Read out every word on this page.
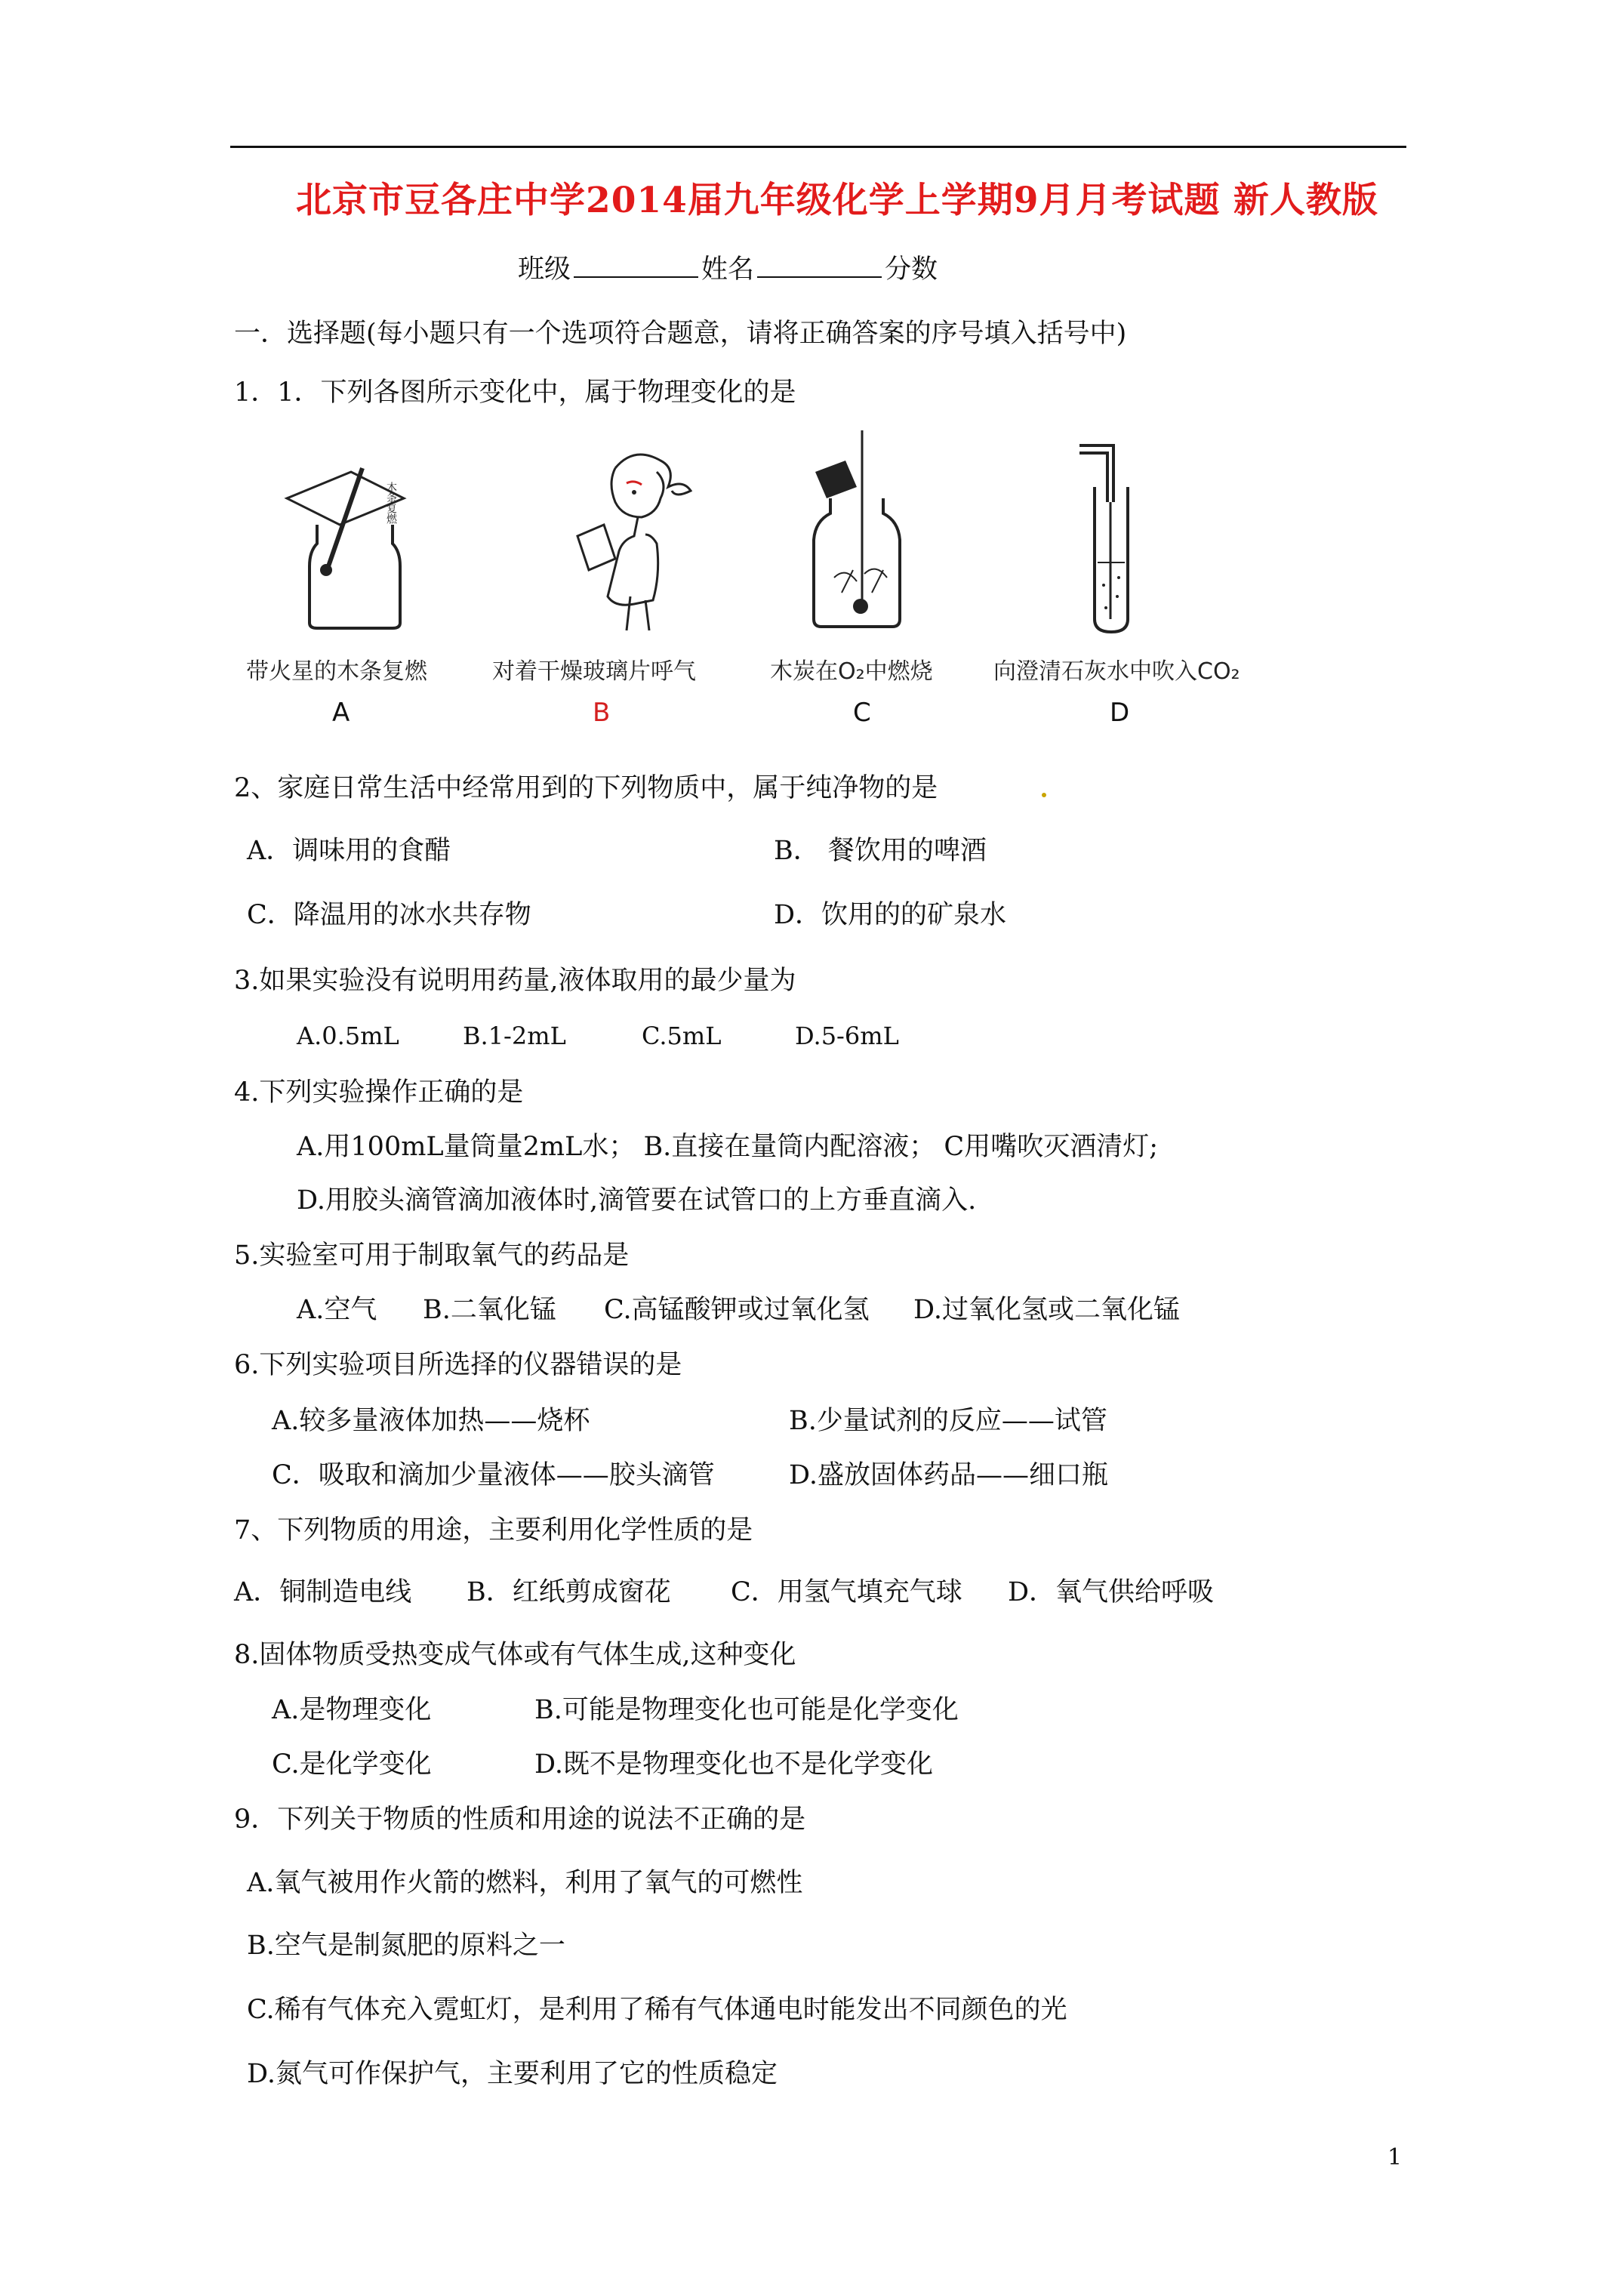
北京市豆各庄中学2014届九年级化学上学期9月月考试题 新人教版
班级	姓名	分数
一．选择题(每小题只有一个选项符合题意，请将正确答案的序号填入括号中)
1．1．下列各图所示变化中，属于物理变化的是
木条复燃
带火星的木条复燃
A
对着干燥玻璃片呼气
B
木炭在O₂中燃烧
C
向澄清石灰水中吹入CO₂
D
2、家庭日常生活中经常用到的下列物质中，属于纯净物的是
A．调味用的食醋	B． 餐饮用的啤酒
C．降温用的冰水共存物	D．饮用的的矿泉水
3.如果实验没有说明用药量,液体取用的最少量为
A.0.5mL	B.1-2mL	C.5mL	D.5-6mL
4.下列实验操作正确的是
A.用100mL量筒量2mL水； B.直接在量筒内配溶液； C用嘴吹灭酒清灯;
D.用胶头滴管滴加液体时,滴管要在试管口的上方垂直滴入.
5.实验室可用于制取氧气的药品是
A.空气 B.二氧化锰 C.高锰酸钾或过氧化氢 D.过氧化氢或二氧化锰
6.下列实验项目所选择的仪器错误的是
A.较多量液体加热——烧杯	B.少量试剂的反应——试管
C．吸取和滴加少量液体——胶头滴管	D.盛放固体药品——细口瓶
7、下列物质的用途，主要利用化学性质的是
A．铜制造电线 B．红纸剪成窗花 C．用氢气填充气球 D．氧气供给呼吸
8.固体物质受热变成气体或有气体生成,这种变化
A.是物理变化	B.可能是物理变化也可能是化学变化
C.是化学变化	D.既不是物理变化也不是化学变化
9．下列关于物质的性质和用途的说法不正确的是
A.氧气被用作火箭的燃料，利用了氧气的可燃性
B.空气是制氮肥的原料之一
C.稀有气体充入霓虹灯，是利用了稀有气体通电时能发出不同颜色的光
D.氮气可作保护气，主要利用了它的性质稳定
1
